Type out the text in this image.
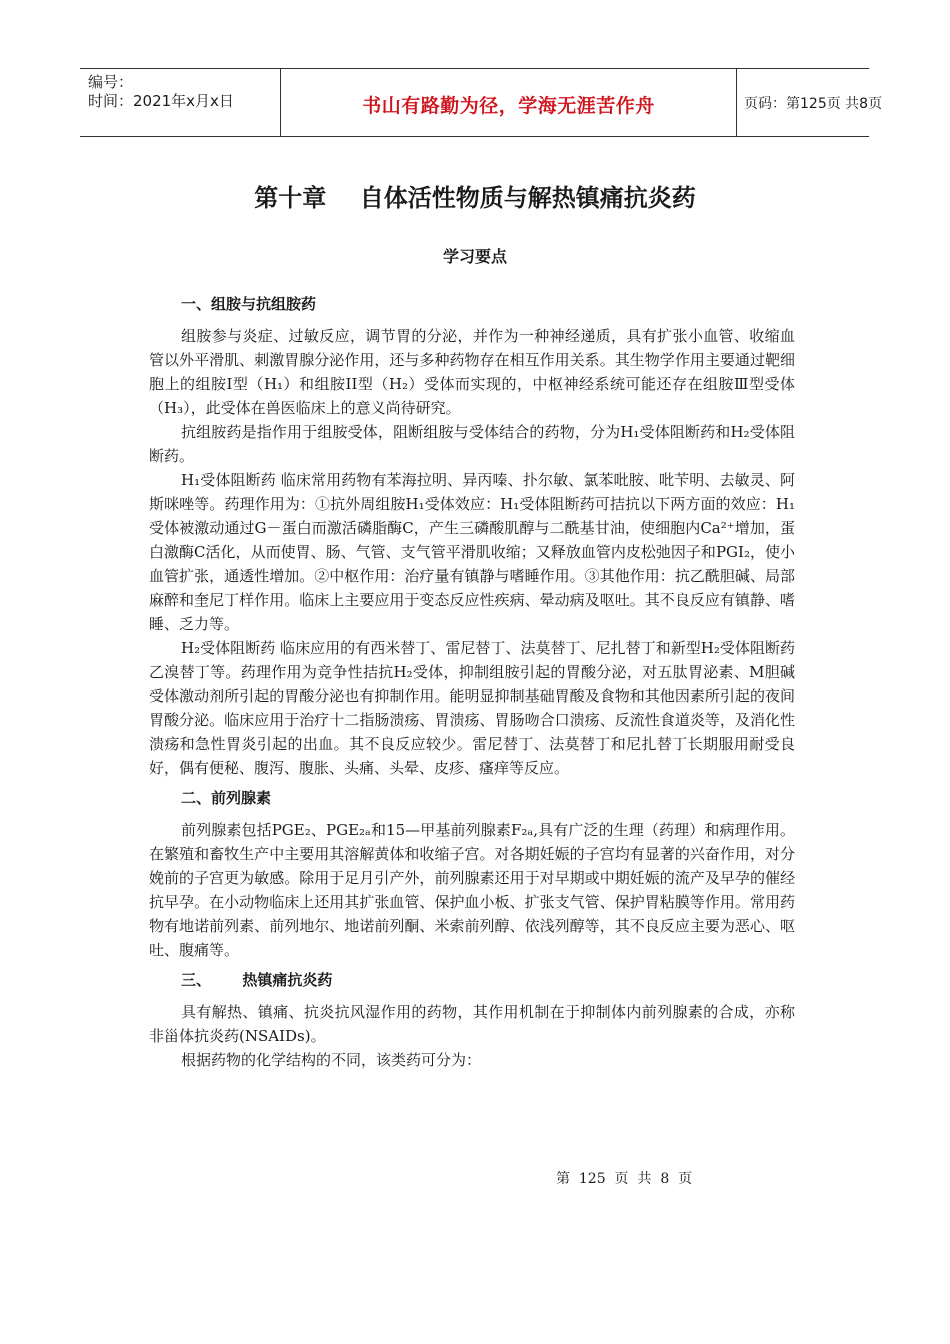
编号：
时间：2021年x月x日	书山有路勤为径，学海无涯苦作舟	页码：第125页 共8页
第十章    自体活性物质与解热镇痛抗炎药
学习要点
一、组胺与抗组胺药

组胺参与炎症、过敏反应，调节胃的分泌，并作为一种神经递质，具有扩张小血管、收缩血管以外平滑肌、刺激胃腺分泌作用，还与多种药物存在相互作用关系。其生物学作用主要通过靶细胞上的组胺Ⅰ型（H₁）和组胺II型（H₂）受体而实现的，中枢神经系统可能还存在组胺Ⅲ型受体（H₃），此受体在兽医临床上的意义尚待研究。

抗组胺药是指作用于组胺受体，阻断组胺与受体结合的药物，分为H₁受体阻断药和H₂受体阻断药。

H₁受体阻断药 临床常用药物有苯海拉明、异丙嗪、扑尔敏、氯苯吡胺、吡苄明、去敏灵、阿斯咪唑等。药理作用为：①抗外周组胺H₁受体效应：H₁受体阻断药可拮抗以下两方面的效应：H₁受体被激动通过G－蛋白而激活磷脂酶C，产生三磷酸肌醇与二酰基甘油，使细胞内Ca²⁺增加，蛋白激酶C活化，从而使胃、肠、气管、支气管平滑肌收缩；又释放血管内皮松弛因子和PGI₂，使小血管扩张，通透性增加。②中枢作用：治疗量有镇静与嗜睡作用。③其他作用：抗乙酰胆碱、局部麻醉和奎尼丁样作用。临床上主要应用于变态反应性疾病、晕动病及呕吐。其不良反应有镇静、嗜睡、乏力等。

H₂受体阻断药 临床应用的有西米替丁、雷尼替丁、法莫替丁、尼扎替丁和新型H₂受体阻断药乙溴替丁等。药理作用为竞争性拮抗H₂受体，抑制组胺引起的胃酸分泌，对五肽胃泌素、M胆碱受体激动剂所引起的胃酸分泌也有抑制作用。能明显抑制基础胃酸及食物和其他因素所引起的夜间胃酸分泌。临床应用于治疗十二指肠溃疡、胃溃疡、胃肠吻合口溃疡、反流性食道炎等，及消化性溃疡和急性胃炎引起的出血。其不良反应较少。雷尼替丁、法莫替丁和尼扎替丁长期服用耐受良好，偶有便秘、腹泻、腹胀、头痛、头晕、皮疹、瘙痒等反应。

二、前列腺素

前列腺素包括PGE₂、PGE₂ₐ和15—甲基前列腺素F₂ₐ,具有广泛的生理（药理）和病理作用。在繁殖和畜牧生产中主要用其溶解黄体和收缩子宫。对各期妊娠的子宫均有显著的兴奋作用，对分娩前的子宫更为敏感。除用于足月引产外，前列腺素还用于对早期或中期妊娠的流产及早孕的催经抗早孕。在小动物临床上还用其扩张血管、保护血小板、扩张支气管、保护胃粘膜等作用。常用药物有地诺前列素、前列地尔、地诺前列酮、米索前列醇、依浅列醇等，其不良反应主要为恶心、呕吐、腹痛等。

三、      热镇痛抗炎药

具有解热、镇痛、抗炎抗风湿作用的药物，其作用机制在于抑制体内前列腺素的合成，亦称非甾体抗炎药(NSAIDs)。

根据药物的化学结构的不同，该类药可分为：

第  125  页  共  8  页
